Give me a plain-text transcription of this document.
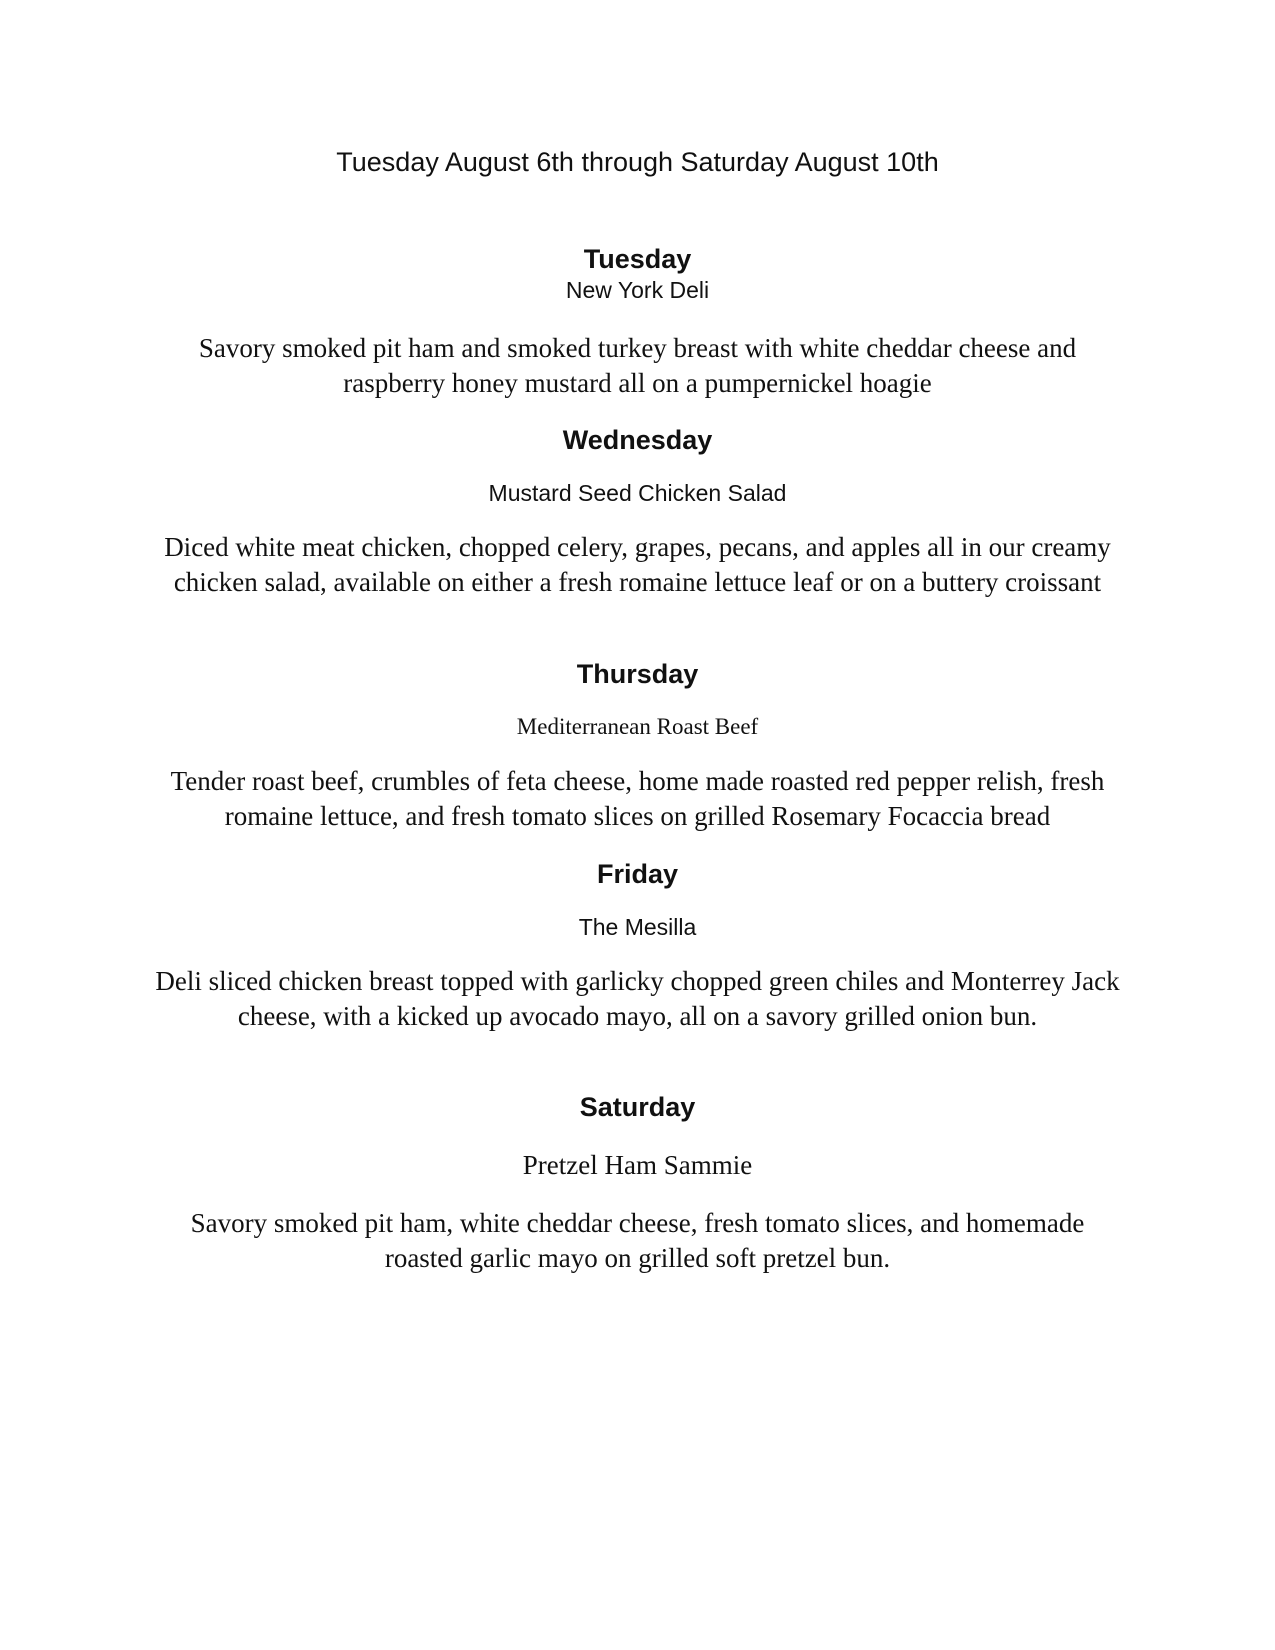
Tuesday August 6th through Saturday August 10th
Tuesday
New York Deli
Savory smoked pit ham and smoked turkey breast with white cheddar cheese and raspberry honey mustard all on a pumpernickel hoagie
Wednesday
Mustard Seed Chicken Salad
Diced white meat chicken, chopped celery, grapes, pecans, and apples all in our creamy chicken salad, available on either a fresh romaine lettuce leaf or on a buttery croissant
Thursday
Mediterranean Roast Beef
Tender roast beef, crumbles of feta cheese, home made roasted red pepper relish, fresh romaine lettuce, and fresh tomato slices on grilled Rosemary Focaccia bread
Friday
The Mesilla
Deli sliced chicken breast topped with garlicky chopped green chiles and Monterrey Jack cheese, with a kicked up avocado mayo, all on a savory grilled onion bun.
Saturday
Pretzel Ham Sammie
Savory smoked pit ham, white cheddar cheese, fresh tomato slices, and homemade roasted garlic mayo on grilled soft pretzel bun.
